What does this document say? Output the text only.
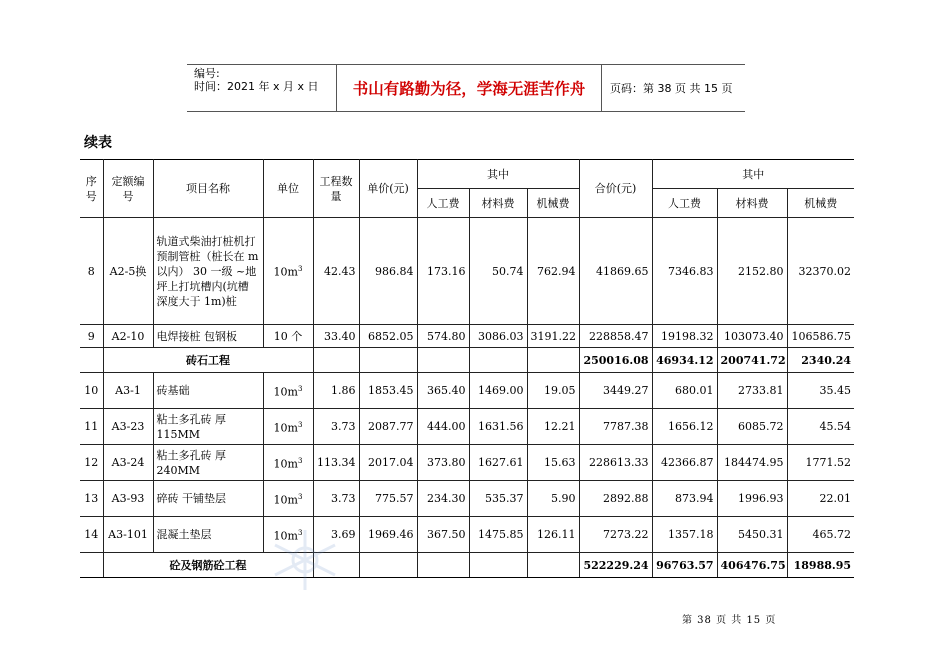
编号:
时间：2021 年 x 月 x 日	书山有路勤为径，学海无涯苦作舟	页码：第 38 页 共 15 页
续表
序号	定额编号	项目名称	单位	工程数量	单价(元)	其中			合价(元)	其中		
						人工费	材料费	机械费		人工费	材料费	机械费
8	A2-5换	轨道式柴油打桩机打预制管桩（桩长在 m 以内） 30 一级 ~地坪上打坑槽内(坑槽深度大于 1m)桩	$10m^3$	42.43	986.84	173.16	50.74	762.94	41869.65	7346.83	2152.80	32370.02
9	A2-10	电焊接桩 包钢板	10 个	33.40	6852.05	574.80	3086.03	3191.22	228858.47	19198.32	103073.40	106586.75
	砖石工程								250016.08	46934.12	200741.72	2340.24
10	A3-1	砖基础	$10m^3$	1.86	1853.45	365.40	1469.00	19.05	3449.27	680.01	2733.81	35.45
11	A3-23	粘土多孔砖 厚 115MM	$10m^3$	3.73	2087.77	444.00	1631.56	12.21	7787.38	1656.12	6085.72	45.54
12	A3-24	粘土多孔砖 厚 240MM	$10m^3$	113.34	2017.04	373.80	1627.61	15.63	228613.33	42366.87	184474.95	1771.52
13	A3-93	碎砖 干铺垫层	$10m^3$	3.73	775.57	234.30	535.37	5.90	2892.88	873.94	1996.93	22.01
14	A3-101	混凝土垫层	$10m^3$	3.69	1969.46	367.50	1475.85	126.11	7273.22	1357.18	5450.31	465.72
	砼及钢筋砼工程								522229.24	96763.57	406476.75	18988.95
第 38 页 共 15 页
